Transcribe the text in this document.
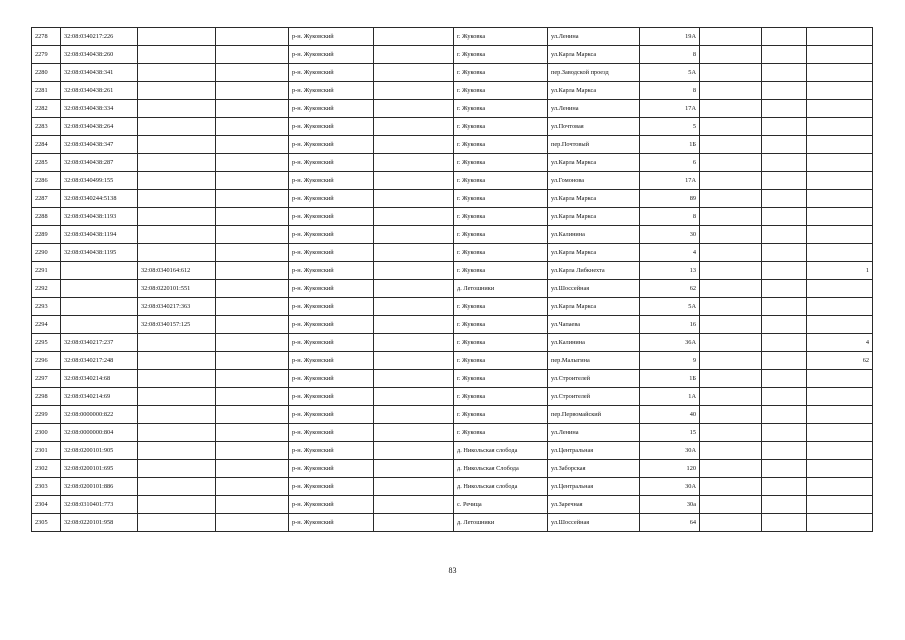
2278	32:08:0340217:226			р-н. Жуковский		г. Жуковка	ул.Ленина	19А			
2279	32:08:0340438:260			р-н. Жуковский		г. Жуковка	ул.Карла Маркса	8			
2280	32:08:0340438:341			р-н. Жуковский		г. Жуковка	пер.Заводской проезд	5А			
2281	32:08:0340438:261			р-н. Жуковский		г. Жуковка	ул.Карла Маркса	8			
2282	32:08:0340438:334			р-н. Жуковский		г. Жуковка	ул.Ленина	17А			
2283	32:08:0340438:264			р-н. Жуковский		г. Жуковка	ул.Почтовая	5			
2284	32:08:0340438:347			р-н. Жуковский		г. Жуковка	пер.Почтовый	1Б			
2285	32:08:0340438:287			р-н. Жуковский		г. Жуковка	ул.Карла Маркса	6			
2286	32:08:0340499:155			р-н. Жуковский		г. Жуковка	ул.Гомонова	17А			
2287	32:08:0340244:5138			р-н. Жуковский		г. Жуковка	ул.Карла Маркса	89			
2288	32:08:0340438:1193			р-н. Жуковский		г. Жуковка	ул.Карла Маркса	8			
2289	32:08:0340438:1194			р-н. Жуковский		г. Жуковка	ул.Калинина	30			
2290	32:08:0340438:1195			р-н. Жуковский		г. Жуковка	ул.Карла Маркса	4			
2291		32:08:0340164:612		р-н. Жуковский		г. Жуковка	ул.Карла Либкнехта	13			1
2292		32:08:0220101:551		р-н. Жуковский		д. Летошники	ул.Шоссейная	62			
2293		32:08:0340217:363		р-н. Жуковский		г. Жуковка	ул.Карла Маркса	5А			
2294		32:08:0340157:125		р-н. Жуковский		г. Жуковка	ул.Чапаева	16			
2295	32:08:0340217:237			р-н. Жуковский		г. Жуковка	ул.Калинина	36А			4
2296	32:08:0340217:248			р-н. Жуковский		г. Жуковка	пер.Малыгина	9			62
2297	32:08:0340214:68			р-н. Жуковский		г. Жуковка	ул.Строителей	1Б			
2298	32:08:0340214:69			р-н. Жуковский		г. Жуковка	ул.Строителей	1А			
2299	32:08:0000000:822			р-н. Жуковский		г. Жуковка	пер.Первомайский	40			
2300	32:08:0000000:804			р-н. Жуковский		г. Жуковка	ул.Ленина	15			
2301	32:08:0200101:905			р-н. Жуковский		д. Никольская слобода	ул.Центральная	30А			
2302	32:08:0200101:695			р-н. Жуковский		д. Никольская Слобода	ул.Заборская	120			
2303	32:08:0200101:886			р-н. Жуковский		д. Никольская слобода	ул.Центральная	30А			
2304	32:08:0310401:773			р-н. Жуковский		с. Речица	ул.Заречная	30а			
2305	32:08:0220101:958			р-н. Жуковский		д. Летошники	ул.Шоссейная	64			
83
